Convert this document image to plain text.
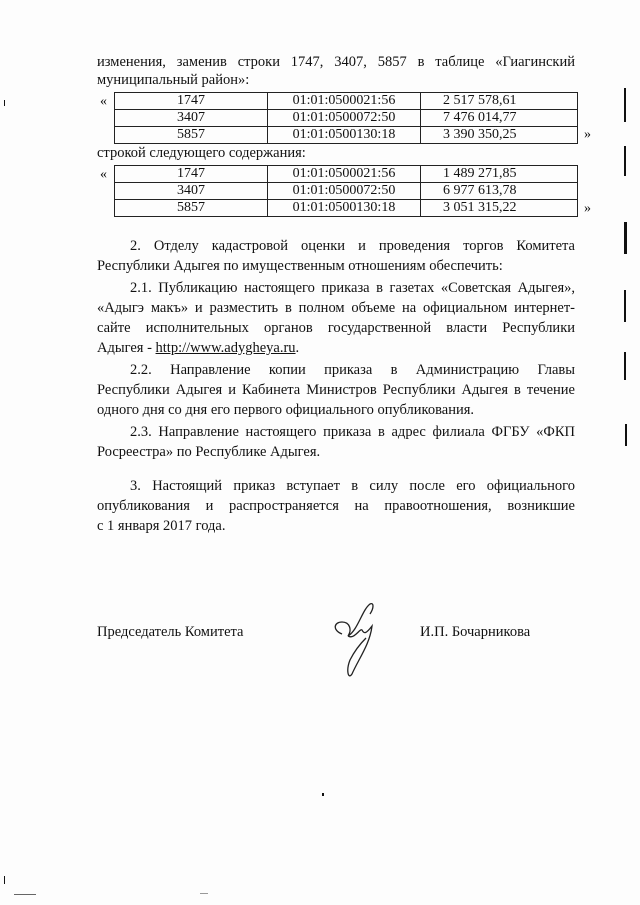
изменения, заменив строки 1747, 3407, 5857 в таблице «Гиагинский
муниципальный район»:
«	1747	01:01:0500021:56	2 517 578,61
3407	01:01:0500072:50	7 476 014,77
5857	01:01:0500130:18	3 390 350,25	»
строкой следующего содержания:
«	1747	01:01:0500021:56	1 489 271,85
3407	01:01:0500072:50	6 977 613,78
5857	01:01:0500130:18	3 051 315,22	»
2. Отделу кадастровой оценки и проведения торгов Комитета
Республики Адыгея по имущественным отношениям обеспечить:
2.1. Публикацию настоящего приказа в газетах «Советская Адыгея»,
«Адыгэ макъ» и разместить в полном объеме на официальном интернет-
сайте исполнительных органов государственной власти Республики
Адыгея - http://www.adygheya.ru.
2.2. Направление копии приказа в Администрацию Главы
Республики Адыгея и Кабинета Министров Республики Адыгея в течение
одного дня со дня его первого официального опубликования.
2.3. Направление настоящего приказа в адрес филиала ФГБУ «ФКП
Росреестра» по Республике Адыгея.
3. Настоящий приказ вступает в силу после его официального
опубликования и распространяется на правоотношения, возникшие
с 1 января 2017 года.
Председатель Комитета	И.П. Бочарникова
